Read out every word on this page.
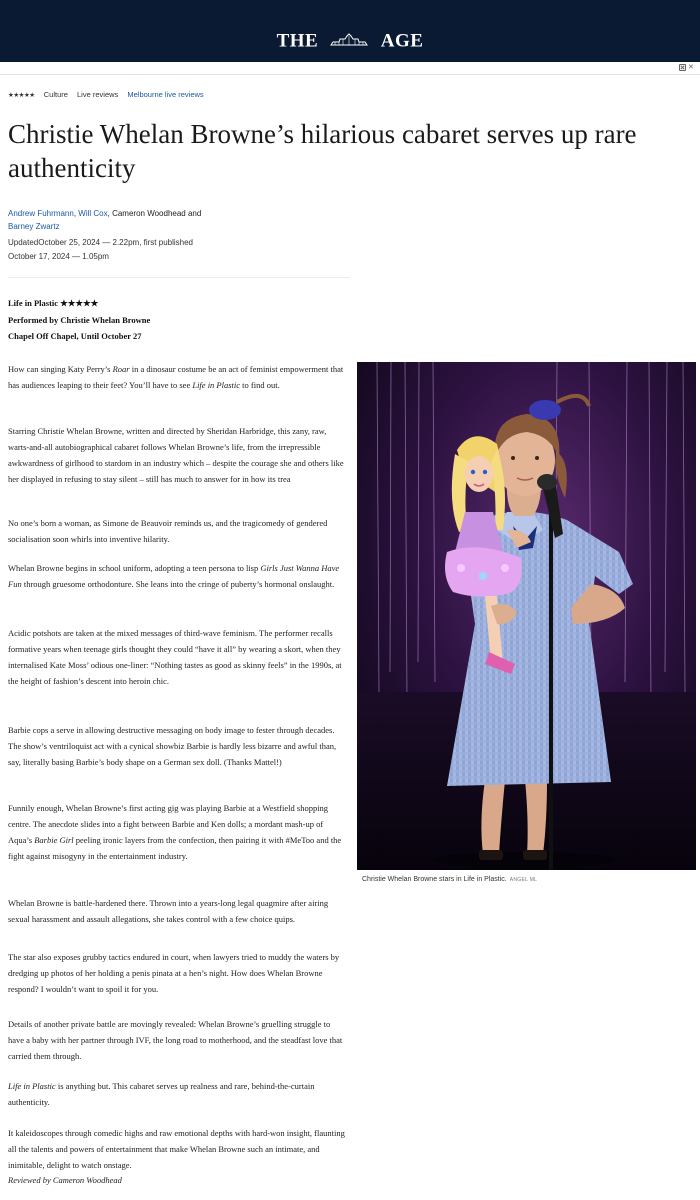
THE	AGE
✕
★★★★★ Culture Live reviews Melbourne live reviews
Christie Whelan Browne’s hilarious cabaret serves up rare authenticity
Andrew Fuhrmann, Will Cox, Cameron Woodhead and
Barney Zwartz
UpdatedOctober 25, 2024 — 2.22pm, first published
October 17, 2024 — 1.05pm
Life in Plastic ★★★★★
Performed by Christie Whelan Browne
Chapel Off Chapel, Until October 27

How can singing Katy Perry’s Roar in a dinosaur costume be an act of feminist empowerment that has audiences leaping to their feet? You’ll have to see Life in Plastic to find out.

Starring Christie Whelan Browne, written and directed by Sheridan Harbridge, this zany, raw, warts-and-all autobiographical cabaret follows Whelan Browne’s life, from the irrepressible awkwardness of girlhood to stardom in an industry which – despite the courage she and others like her displayed in refusing to stay silent – still has much to answer for in how its trea

No one’s born a woman, as Simone de Beauvoir reminds us, and the tragicomedy of gendered socialisation soon whirls into inventive hilarity.

Whelan Browne begins in school uniform, adopting a teen persona to lisp Girls Just Wanna Have Fun through gruesome orthodonture. She leans into the cringe of puberty’s hormonal onslaught.

Acidic potshots are taken at the mixed messages of third-wave feminism. The performer recalls formative years when teenage girls thought they could “have it all” by wearing a skort, when they internalised Kate Moss’ odious one-liner: “Nothing tastes as good as skinny feels” in the 1990s, at the height of fashion’s descent into heroin chic.

Barbie cops a serve in allowing destructive messaging on body image to fester through decades. The show’s ventriloquist act with a cynical showbiz Barbie is hardly less bizarre and awful than, say, literally basing Barbie’s body shape on a German sex doll. (Thanks Mattel!)

Funnily enough, Whelan Browne’s first acting gig was playing Barbie at a Westfield shopping centre. The anecdote slides into a fight between Barbie and Ken dolls; a mordant mash-up of Aqua’s Barbie Girl peeling ironic layers from the confection, then pairing it with #MeToo and the fight against misogyny in the entertainment industry.

Whelan Browne is battle-hardened there. Thrown into a years-long legal quagmire after airing sexual harassment and assault allegations, she takes control with a few choice quips.

The star also exposes grubby tactics endured in court, when lawyers tried to muddy the waters by dredging up photos of her holding a penis pinata at a hen’s night. How does Whelan Browne respond? I wouldn’t want to spoil it for you.

Details of another private battle are movingly revealed: Whelan Browne’s gruelling struggle to have a baby with her partner through IVF, the long road to motherhood, and the steadfast love that carried them through.

Life in Plastic is anything but. This cabaret serves up realness and rare, behind-the-curtain authenticity.

It kaleidoscopes through comedic highs and raw emotional depths with hard-won insight, flaunting all the talents and powers of entertainment that make Whelan Browne such an intimate, and inimitable, delight to watch onstage.

Reviewed by Cameron Woodhead
Christie Whelan Browne stars in Life in Plastic. ANGEL ML
